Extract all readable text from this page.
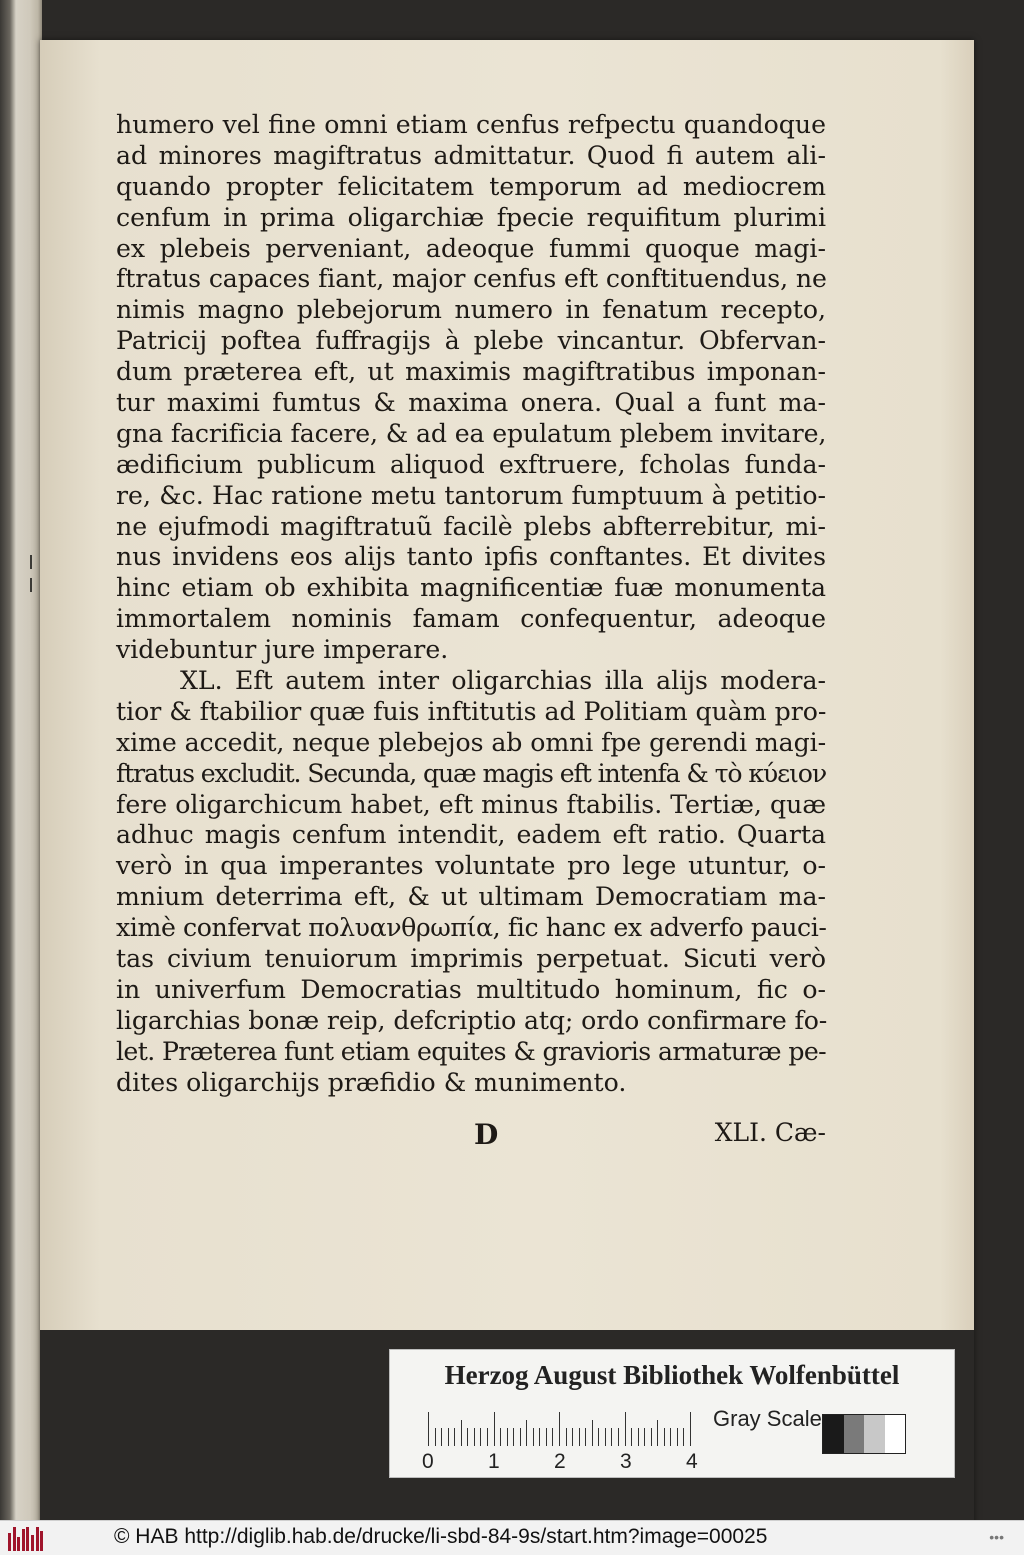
humero vel fine omni etiam cenfus refpectu quandoque
ad minores magiftratus admittatur. Quod fi autem ali-
quando propter felicitatem temporum ad mediocrem
cenfum in prima oligarchiæ fpecie requifitum plurimi
ex plebeis perveniant, adeoque fummi quoque magi-
ftratus capaces fiant, major cenfus eft conftituendus, ne
nimis magno plebejorum numero in fenatum recepto,
Patricij poftea fuffragijs à plebe vincantur. Obfervan-
dum præterea eft, ut maximis magiftratibus imponan-
tur maximi fumtus & maxima onera. Qual a funt ma-
gna facrificia facere, & ad ea epulatum plebem invitare,
ædificium publicum aliquod exftruere, fcholas funda-
re, &c. Hac ratione metu tantorum fumptuum à petitio-
ne ejufmodi magiftratuũ facilè plebs abfterrebitur, mi-
nus invidens eos alijs tanto ipfis conftantes. Et divites
hinc etiam ob exhibita magnificentiæ fuæ monumenta
immortalem nominis famam confequentur, adeoque
videbuntur jure imperare.
XL. Eft autem inter oligarchias illa alijs modera-
tior & ftabilior quæ fuis inftitutis ad Politiam quàm pro-
xime accedit, neque plebejos ab omni fpe gerendi magi-
ftratus excludit. Secunda, quæ magis eft intenfa & τὸ κύειον
fere oligarchicum habet, eft minus ftabilis. Tertiæ, quæ
adhuc magis cenfum intendit, eadem eft ratio. Quarta
verò in qua imperantes voluntate pro lege utuntur, o-
mnium deterrima eft, & ut ultimam Democratiam ma-
ximè confervat πολυανθρωπία, fic hanc ex adverfo pauci-
tas civium tenuiorum imprimis perpetuat. Sicuti verò
in univerfum Democratias multitudo hominum, fic o-
ligarchias bonæ reip, defcriptio atq; ordo confirmare fo-
let. Præterea funt etiam equites & gravioris armaturæ pe-
dites oligarchijs præfidio & munimento.
D	XLI. Cæ-
Herzog August Bibliothek Wolfenbüttel
0	1	2	3	4
Gray Scale
© HAB http://diglib.hab.de/drucke/li-sbd-84-9s/start.htm?image=00025	•••
